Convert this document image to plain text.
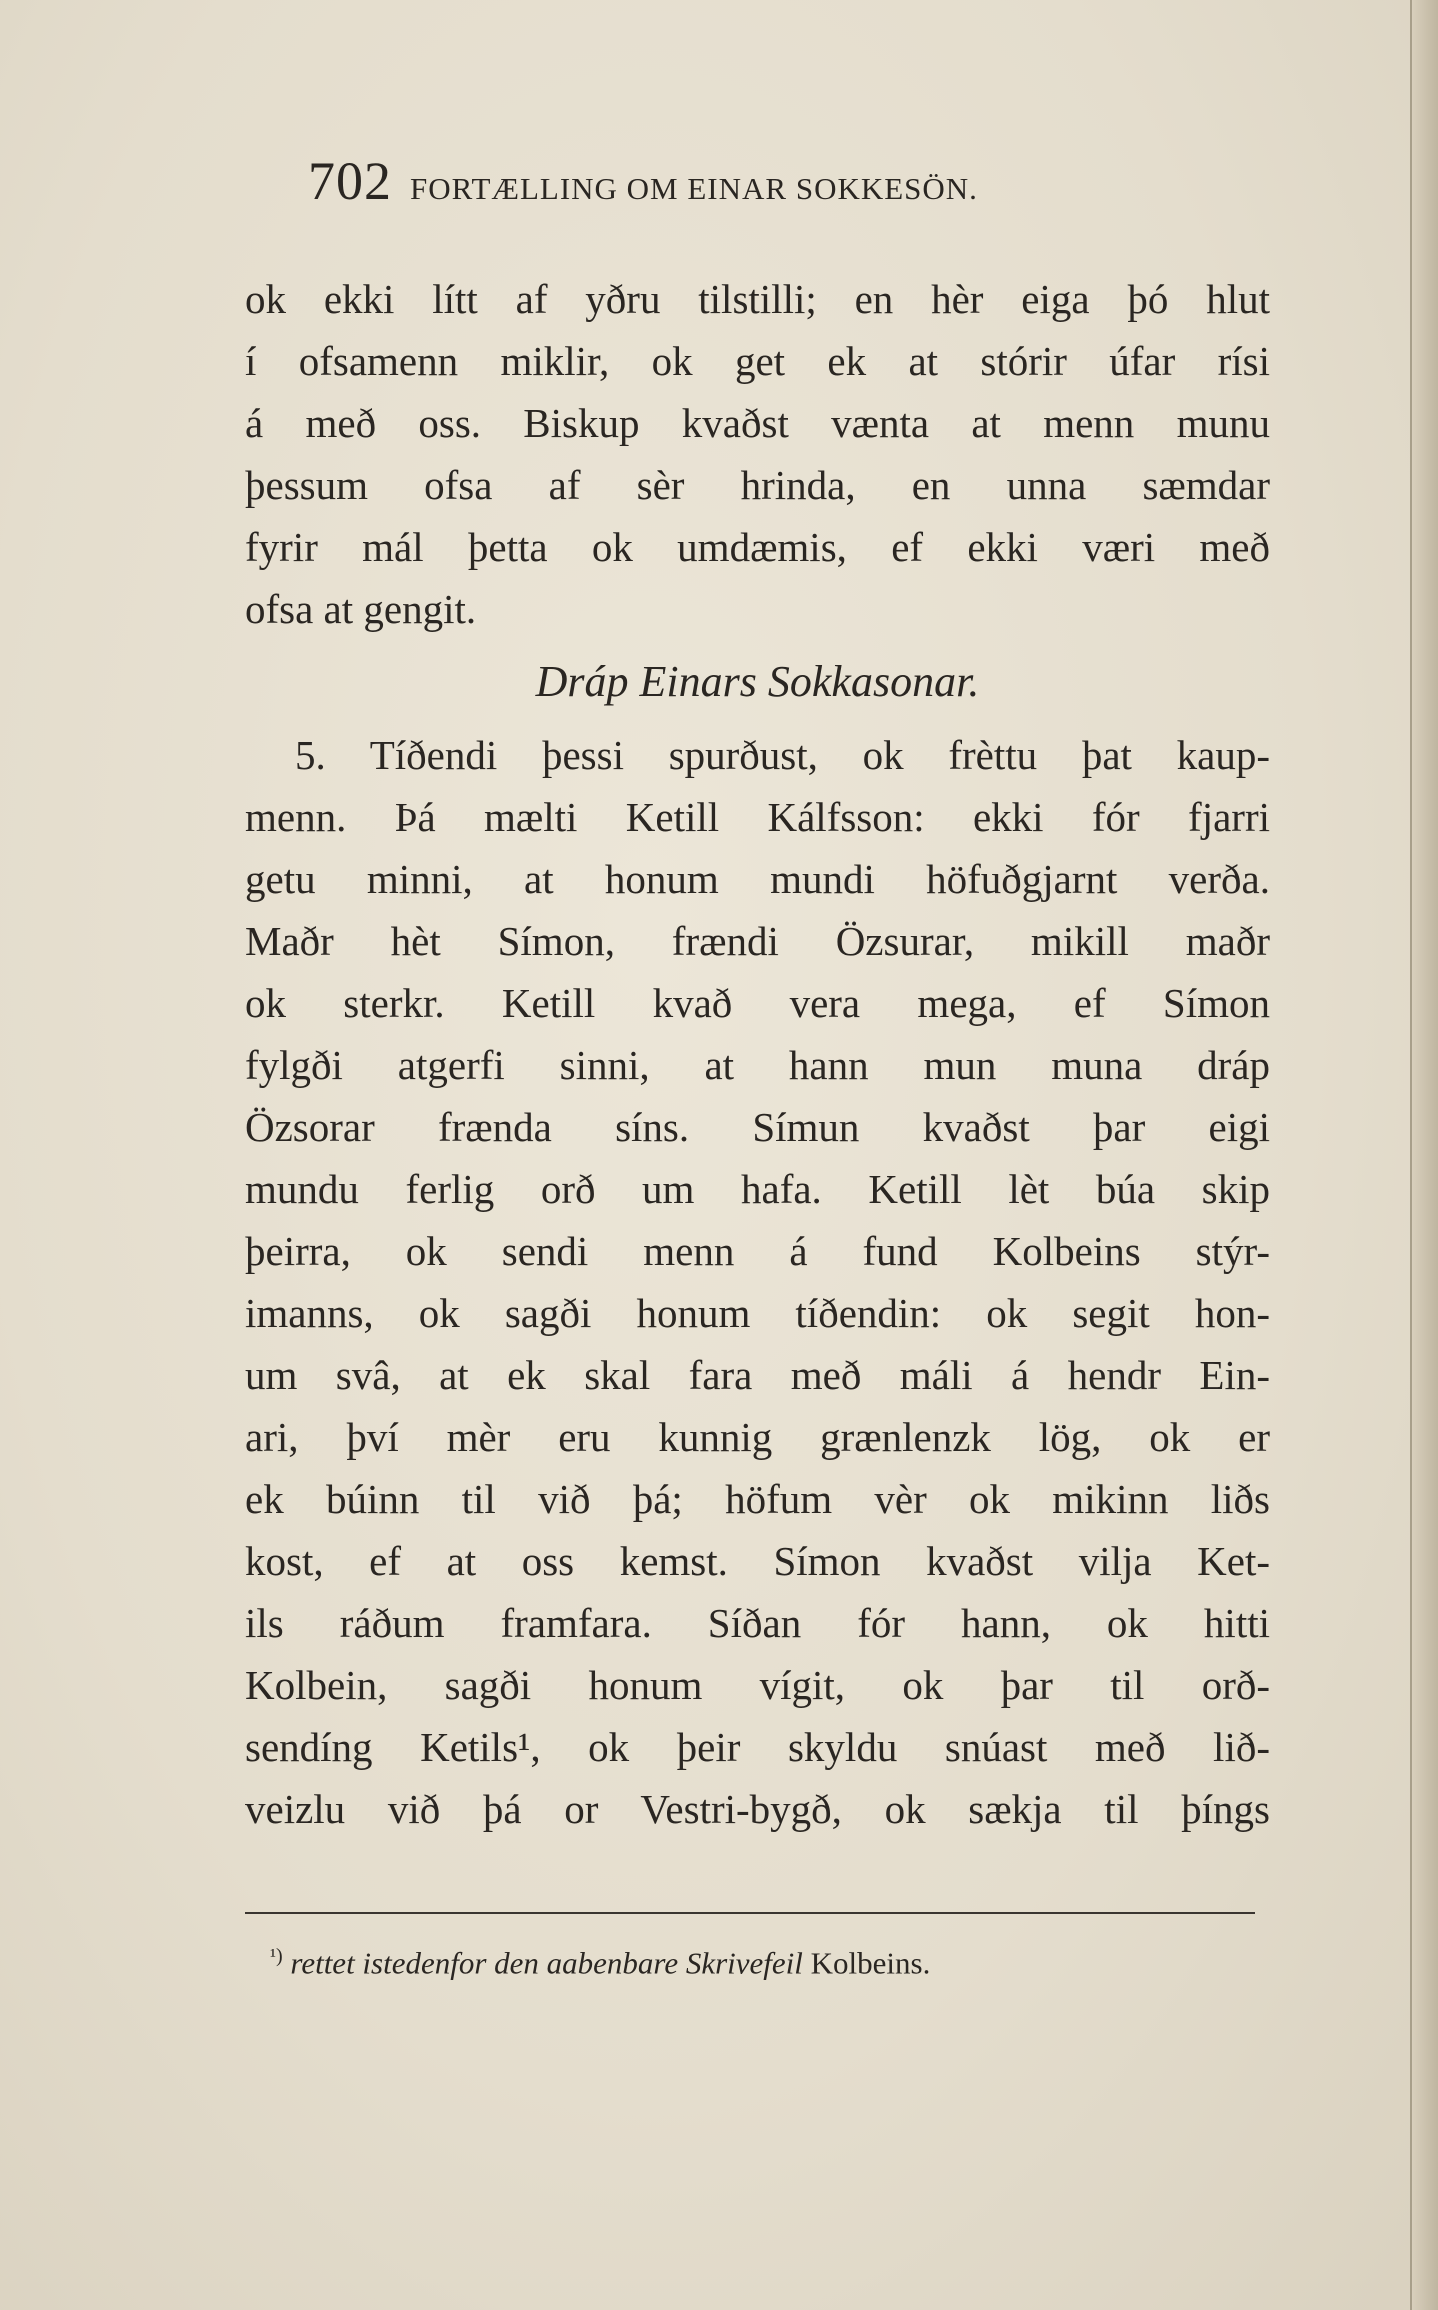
702 FORTÆLLING OM EINAR SOKKESÖN.
ok ekki lítt af yðru tilstilli; en hèr eiga þó hlut
í ofsamenn miklir, ok get ek at stórir úfar rísi
á með oss. Biskup kvaðst vænta at menn munu
þessum ofsa af sèr hrinda, en unna sæmdar
fyrir mál þetta ok umdæmis, ef ekki væri með
ofsa at gengit.
Dráp Einars Sokkasonar.
5. Tíðendi þessi spurðust, ok frèttu þat kaup-
menn. Þá mælti Ketill Kálfsson: ekki fór fjarri
getu minni, at honum mundi höfuðgjarnt verða.
Maðr hèt Símon, frændi Özsurar, mikill maðr
ok sterkr. Ketill kvað vera mega, ef Símon
fylgði atgerfi sinni, at hann mun muna dráp
Özsorar frænda síns. Símun kvaðst þar eigi
mundu ferlig orð um hafa. Ketill lèt búa skip
þeirra, ok sendi menn á fund Kolbeins stýr-
imanns, ok sagði honum tíðendin: ok segit hon-
um svâ, at ek skal fara með máli á hendr Ein-
ari, því mèr eru kunnig grænlenzk lög, ok er
ek búinn til við þá; höfum vèr ok mikinn liðs
kost, ef at oss kemst. Símon kvaðst vilja Ket-
ils ráðum framfara. Síðan fór hann, ok hitti
Kolbein, sagði honum vígit, ok þar til orð-
sendíng Ketils¹, ok þeir skyldu snúast með lið-
veizlu við þá or Vestri-bygð, ok sækja til þíngs
$^{^1)}$ rettet istedenfor den aabenbare Skrivefeil Kolbeins.
